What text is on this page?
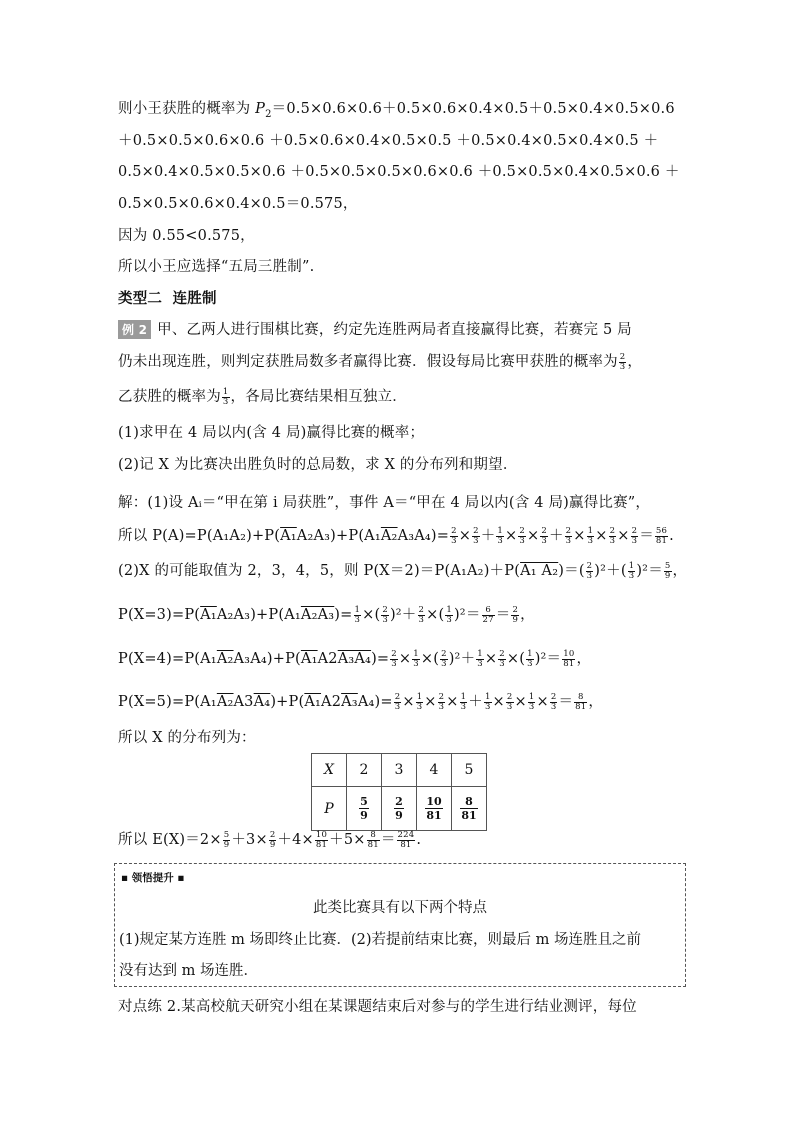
则小王获胜的概率为 $P_2=0.5\times 0.6\times 0.6+0.5\times 0.6\times 0.4\times 0.5+0.5\times 0.4\times 0.5\times 0.6$
＋0.5×0.5×0.6×0.6 ＋0.5×0.6×0.4×0.5×0.5 ＋0.5×0.4×0.5×0.4×0.5 ＋
0.5×0.4×0.5×0.5×0.6 ＋0.5×0.5×0.5×0.6×0.6 ＋0.5×0.5×0.4×0.5×0.6 ＋
0.5×0.5×0.6×0.4×0.5＝0.575，
因为 0.55<0.575，
所以小王应选择“五局三胜制”.
类型二 连胜制
例 2 甲、乙两人进行围棋比赛，约定先连胜两局者直接赢得比赛，若赛完 5 局
仍未出现连胜，则判定获胜局数多者赢得比赛．假设每局比赛甲获胜的概率为 $\frac{2}{3}$ ，
乙获胜的概率为 $\frac{1}{3}$ ，各局比赛结果相互独立．
(1)求甲在 4 局以内(含 4 局)赢得比赛的概率；
(2)记 X 为比赛决出胜负时的总局数，求 X 的分布列和期望．
解：(1)设 Aᵢ＝“甲在第 i 局获胜”，事件 A＝“甲在 4 局以内(含 4 局)赢得比赛”，
所以 $P(A)=P(A_1A_2)+P(A_1A_2A_3)+P(A_1A_2A_3A_4)= \frac{2}{3} \times \frac{2}{3} + \frac{1}{3} \times \frac{2}{3} \times \frac{2}{3} + \frac{2}{3} \times \frac{1}{3} \times \frac{2}{3} \times \frac{2}{3} = \frac{56}{81}$ .
(2)X 的可能取值为 2，3，4，5，则 P(X＝2)＝P(A₁A₂)＋P(A₁ $A_2)=( \frac{2}{3} )^2+( \frac{1}{3} )^2= \frac{5}{9}$ ，
$P(X=3)=P(A_1A_2A_3)+P(A_1A_2A_3)= \frac{1}{3}$ ×( $\frac{2}{3} )^2+ \frac{2}{3}$ ×( $\frac{1}{3} )^2= \frac{6}{27} = \frac{2}{9}$ ，
$P(X=4)=P(A_1A_2A_3A_4)+P(A_1A2A_3A_4)= \frac{2}{3} \times \frac{1}{3}$ ×( $\frac{2}{3} )^2+ \frac{1}{3} \times \frac{2}{3}$ ×( $\frac{1}{3} )^2= \frac{10}{81}$ ，
$P(X=5)=P(A_1A_2A3A_4)+P(A_1A2A_3A_4)= \frac{2}{3} \times \frac{1}{3} \times \frac{2}{3} \times \frac{1}{3} + \frac{1}{3} \times \frac{2}{3} \times \frac{1}{3} \times \frac{2}{3} = \frac{8}{81}$ ，
所以 X 的分布列为：
X	2	3	4	5
P	$\frac{5}{9}$	$\frac{2}{9}$	$\frac{10}{81}$	$\frac{8}{81}$
所以 $E(X)=2\times \frac{5}{9} +3\times \frac{2}{9} +4\times \frac{10}{81} +5\times \frac{8}{81} = \frac{224}{81}$ .
▪ 领悟提升 ▪
此类比赛具有以下两个特点
(1)规定某方连胜 m 场即终止比赛．(2)若提前结束比赛，则最后 m 场连胜且之前
没有达到 m 场连胜．
对点练 2.某高校航天研究小组在某课题结束后对参与的学生进行结业测评，每位
